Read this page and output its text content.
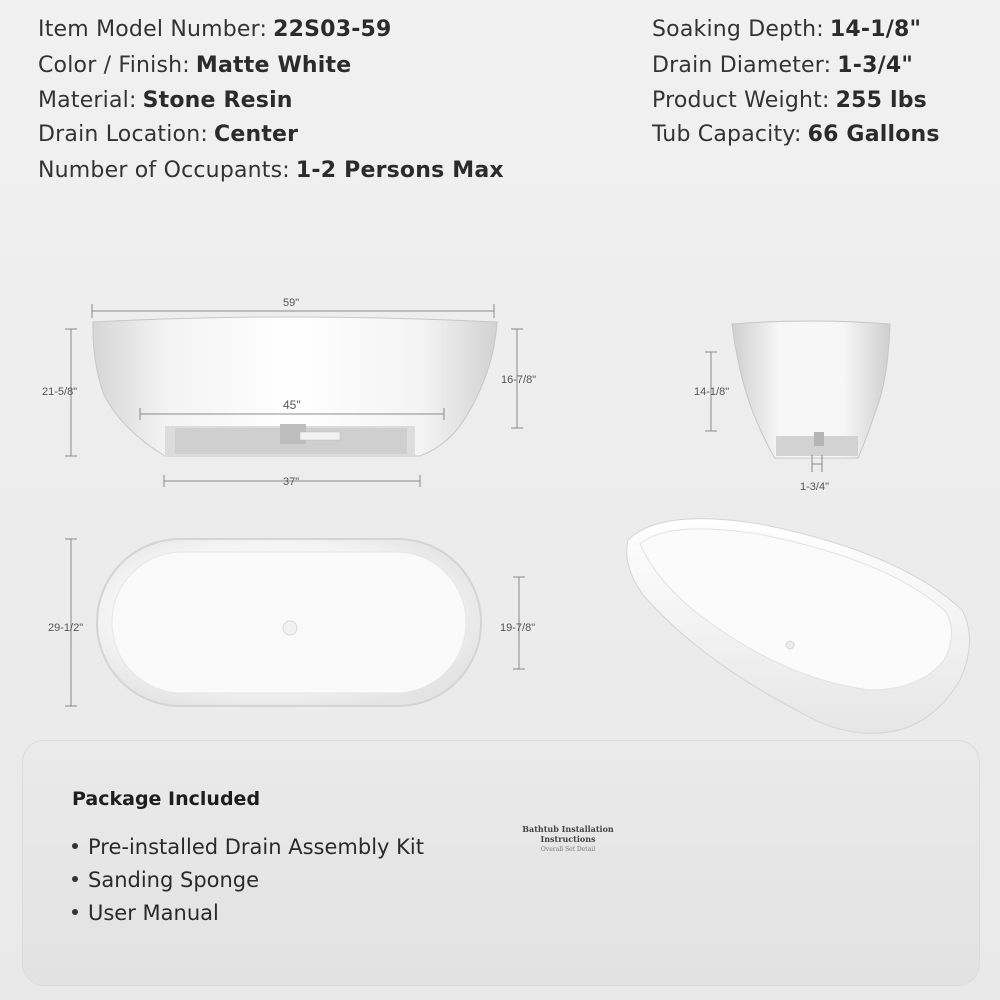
Item Model Number: 22S03-59
Color / Finish: Matte White
Material: Stone Resin
Drain Location: Center
Number of Occupants: 1-2 Persons Max
Soaking Depth: 14-1/8"
Drain Diameter: 1-3/4"
Product Weight: 255 lbs
Tub Capacity: 66 Gallons
59"
45"
37"
21-5/8"
16-7/8"
14-1/8"
1-3/4"
29-1/2"	19-7/8"
Package Included
Pre-installed Drain Assembly Kit
Sanding Sponge
User Manual
Bathtub Installation Instructions
Overall Set Detail
